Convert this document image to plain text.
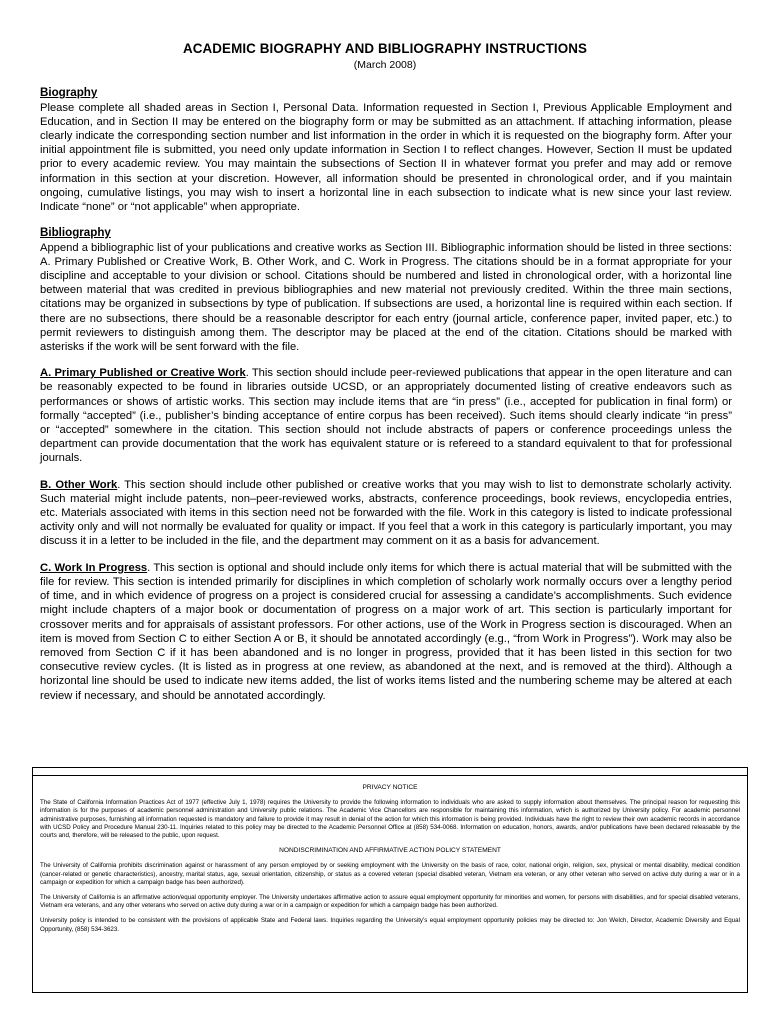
ACADEMIC BIOGRAPHY AND BIBLIOGRAPHY INSTRUCTIONS

(March 2008)

Biography

Please complete all shaded areas in Section I, Personal Data. Information requested in Section I, Previous Applicable Employment and Education, and in Section II may be entered on the biography form or may be submitted as an attachment. If attaching information, please clearly indicate the corresponding section number and list information in the order in which it is requested on the biography form. After your initial appointment file is submitted, you need only update information in Section I to reflect changes. However, Section II must be updated prior to every academic review. You may maintain the subsections of Section II in whatever format you prefer and may add or remove information in this section at your discretion. However, all information should be presented in chronological order, and if you maintain ongoing, cumulative listings, you may wish to insert a horizontal line in each subsection to indicate what is new since your last review. Indicate “none” or “not applicable” when appropriate.

Bibliography

Append a bibliographic list of your publications and creative works as Section III. Bibliographic information should be listed in three sections: A. Primary Published or Creative Work, B. Other Work, and C. Work in Progress. The citations should be in a format appropriate for your discipline and acceptable to your division or school. Citations should be numbered and listed in chronological order, with a horizontal line between material that was credited in previous bibliographies and new material not previously credited. Within the three main sections, citations may be organized in subsections by type of publication. If subsections are used, a horizontal line is required within each section. If there are no subsections, there should be a reasonable descriptor for each entry (journal article, conference paper, invited paper, etc.) to permit reviewers to distinguish among them. The descriptor may be placed at the end of the citation. Citations should be marked with asterisks if the work will be sent forward with the file.

A. Primary Published or Creative Work. This section should include peer-reviewed publications that appear in the open literature and can be reasonably expected to be found in libraries outside UCSD, or an appropriately documented listing of creative endeavors such as performances or shows of artistic works. This section may include items that are “in press” (i.e., accepted for publication in final form) or formally “accepted” (i.e., publisher’s binding acceptance of entire corpus has been received). Such items should clearly indicate “in press” or “accepted” somewhere in the citation. This section should not include abstracts of papers or conference proceedings unless the department can provide documentation that the work has equivalent stature or is refereed to a standard equivalent to that for professional journals.

B. Other Work. This section should include other published or creative works that you may wish to list to demonstrate scholarly activity. Such material might include patents, non–peer-reviewed works, abstracts, conference proceedings, book reviews, encyclopedia entries, etc. Materials associated with items in this section need not be forwarded with the file. Work in this category is listed to indicate professional activity only and will not normally be evaluated for quality or impact. If you feel that a work in this category is particularly important, you may discuss it in a letter to be included in the file, and the department may comment on it as a basis for advancement.

C. Work In Progress. This section is optional and should include only items for which there is actual material that will be submitted with the file for review. This section is intended primarily for disciplines in which completion of scholarly work normally occurs over a lengthy period of time, and in which evidence of progress on a project is considered crucial for assessing a candidate’s accomplishments. Such evidence might include chapters of a major book or documentation of progress on a major work of art. This section is particularly important for crossover merits and for appraisals of assistant professors. For other actions, use of the Work in Progress section is discouraged. When an item is moved from Section C to either Section A or B, it should be annotated accordingly (e.g., “from Work in Progress”). Work may also be removed from Section C if it has been abandoned and is no longer in progress, provided that it has been listed in this section for two consecutive review cycles. (It is listed as in progress at one review, as abandoned at the next, and is removed at the third). Although a horizontal line should be used to indicate new items added, the list of works items listed and the numbering scheme may be altered at each review if necessary, and should be annotated accordingly.

PRIVACY NOTICE

The State of California Information Practices Act of 1977 (effective July 1, 1978) requires the University to provide the following information to individuals who are asked to supply information about themselves. The principal reason for requesting this information is for the purposes of academic personnel administration and University public relations. The Academic Vice Chancellors are responsible for maintaining this information, which is authorized by University policy. For academic personnel administrative purposes, furnishing all information requested is mandatory and failure to provide it may result in denial of the action for which this information is being provided. Individuals have the right to review their own academic records in accordance with UCSD Policy and Procedure Manual 230-11. Inquiries related to this policy may be directed to the Academic Personnel Office at (858) 534-0068. Information on education, honors, awards, and/or publications have been declared releasable by the courts and, therefore, will be released to the public, upon request.

NONDISCRIMINATION AND AFFIRMATIVE ACTION POLICY STATEMENT

The University of California prohibits discrimination against or harassment of any person employed by or seeking employment with the University on the basis of race, color, national origin, religion, sex, physical or mental disability, medical condition (cancer-related or genetic characteristics), ancestry, marital status, age, sexual orientation, citizenship, or status as a covered veteran (special disabled veteran, Vietnam era veteran, or any other veteran who served on active duty during a war or in a campaign or expedition for which a campaign badge has been authorized).

The University of California is an affirmative action/equal opportunity employer. The University undertakes affirmative action to assure equal employment opportunity for minorities and women, for persons with disabilities, and for special disabled veterans, Vietnam era veterans, and any other veterans who served on active duty during a war or in a campaign or expedition for which a campaign badge has been authorized.

University policy is intended to be consistent with the provisions of applicable State and Federal laws. Inquiries regarding the University’s equal employment opportunity policies may be directed to: Jon Welch, Director, Academic Diversity and Equal Opportunity, (858) 534-3623.
